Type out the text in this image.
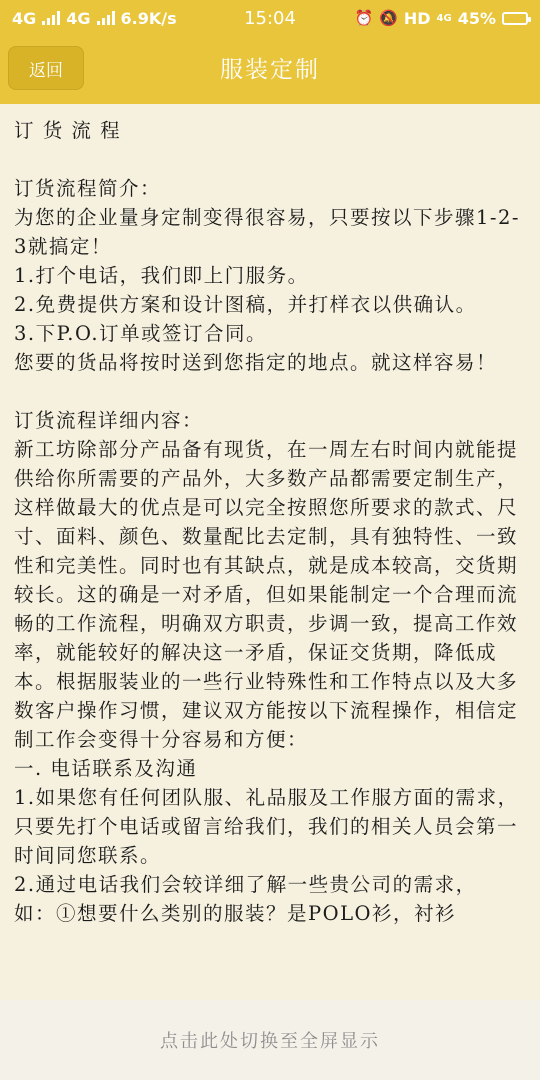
4G 4G 6.9K/s	15:04	⏰ 🔕 HD 4G 45%
服装定制
返回
订 货 流 程

订货流程简介：
为您的企业量身定制变得很容易，只要按以下步骤1-2-3就搞定！
1.打个电话，我们即上门服务。
2.免费提供方案和设计图稿，并打样衣以供确认。
3.下P.O.订单或签订合同。
您要的货品将按时送到您指定的地点。就这样容易！

订货流程详细内容：
新工坊除部分产品备有现货，在一周左右时间内就能提供给你所需要的产品外，大多数产品都需要定制生产，这样做最大的优点是可以完全按照您所要求的款式、尺寸、面料、颜色、数量配比去定制，具有独特性、一致性和完美性。同时也有其缺点，就是成本较高，交货期较长。这的确是一对矛盾，但如果能制定一个合理而流畅的工作流程，明确双方职责，步调一致，提高工作效率，就能较好的解决这一矛盾，保证交货期，降低成本。根据服装业的一些行业特殊性和工作特点以及大多数客户操作习惯，建议双方能按以下流程操作，相信定制工作会变得十分容易和方便：
一. 电话联系及沟通
1.如果您有任何团队服、礼品服及工作服方面的需求，只要先打个电话或留言给我们，我们的相关人员会第一时间同您联系。
2.通过电话我们会较详细了解一些贵公司的需求，
如：①想要什么类别的服装？是POLO衫，衬衫
点击此处切换至全屏显示
